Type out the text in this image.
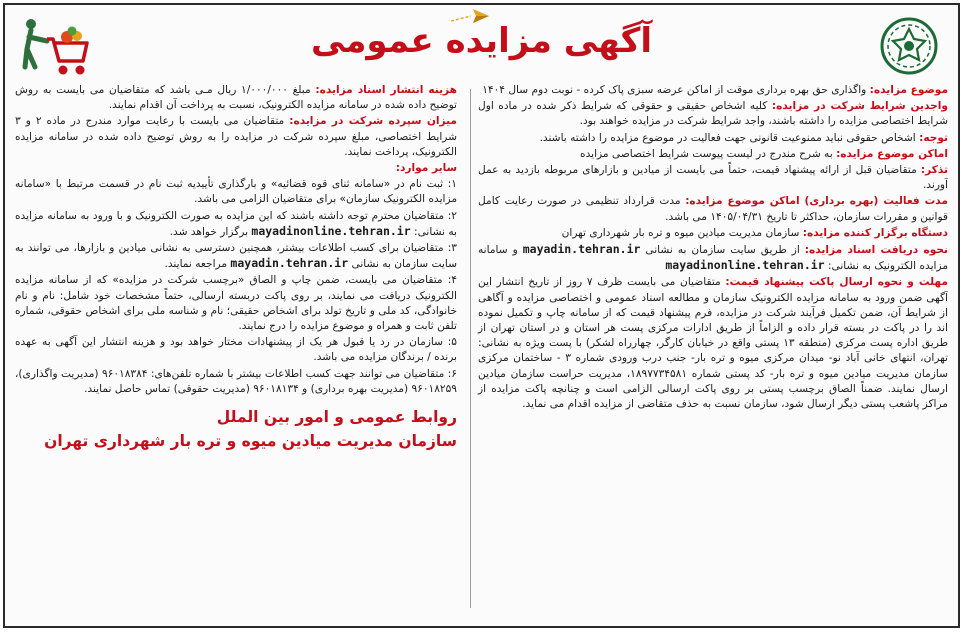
آگهی مزایده عمومی

موضوع مزایده: واگذاری حق بهره برداری موقت از اماکن عرضه سبزی پاک کرده - نوبت دوم سال ۱۴۰۴

واجدین شرایط شرکت در مزایده: کلیه اشخاص حقیقی و حقوقی که شرایط ذکر شده در ماده اول شرایط اختصاصی مزایده را داشته باشند، واجد شرایط شرکت در مزایده خواهند بود.

توجه: اشخاص حقوقی نباید ممنوعیت قانونی جهت فعالیت در موضوع مزایده را داشته باشند.

اماکن موضوع مزایده: به شرح مندرج در لیست پیوست شرایط اختصاصی مزایده

تذکر: متقاضیان قبل از ارائه پیشنهاد قیمت، حتماً می بایست از میادین و بازارهای مربوطه بازدید به عمل آورند.

مدت فعالیت (بهره برداری) اماکن موضوع مزایده: مدت قرارداد تنظیمی در صورت رعایت کامل قوانین و مقررات سازمان، حداکثر تا تاریخ ۱۴۰۵/۰۴/۳۱ می باشد.

دستگاه برگزار کننده مزایده: سازمان مدیریت میادین میوه و تره بار شهرداری تهران

نحوه دریافت اسناد مزایده: از طریق سایت سازمان به نشانی mayadin.tehran.ir و سامانه مزایده الکترونیک به نشانی: mayadinonline.tehran.ir

مهلت و نحوه ارسال پاکت پیشنهاد قیمت: متقاضیان می بایست ظرف ۷ روز از تاریخ انتشار این آگهی ضمن ورود به سامانه مزایده الکترونیک سازمان و مطالعه اسناد عمومی و اختصاصی مزایده و آگاهی از شرایط آن، ضمن تکمیل فرآیند شرکت در مزایده، فرم پیشنهاد قیمت که از سامانه چاپ و تکمیل نموده اند را در پاکت در بسته قرار داده و الزاماً از طریق ادارات مرکزی پست هر استان و در استان تهران از طریق اداره پست مرکزی (منطقه ۱۳ پستی واقع در خیابان کارگر، چهارراه لشکر) با پست ویژه به نشانی: تهران، انتهای خانی آباد نو- میدان مرکزی میوه و تره بار- جنب درب ورودی شماره ۳ - ساختمان مرکزی سازمان مدیریت میادین میوه و تره بار- کد پستی شماره ۱۸۹۷۷۳۴۵۸۱، مدیریت حراست سازمان میادین ارسال نمایند. ضمناً الصاق برچسب پستی بر روی پاکت ارسالی الزامی است و چنانچه پاکت مزایده از مراکز پاشعب پستی دیگر ارسال شود، سازمان نسبت به حذف متقاضی از مزایده اقدام می نماید.

هزینه انتشار اسناد مزایده: مبلغ ۱/۰۰۰/۰۰۰ ریال مـی باشد که متقاضیان می بایست به روش توضیح داده شده در سامانه مزایده الکترونیک، نسبت به پرداخت آن اقدام نمایند.

میزان سپرده شرکت در مزایده: متقاضیان می بایست با رعایت موارد مندرج در ماده ۲ و ۳ شرایط اختصاصی، مبلغ سپرده شرکت در مزایده را به روش توضیح داده شده در سامانه مزایده الکترونیک، پرداخت نمایند.

سایر موارد:

۱: ثبت نام در «سامانه ثنای قوه قضائیه» و بارگذاری تأییدیه ثبت نام در قسمت مرتبط با «سامانه مزایده الکترونیک سازمان» برای متقاضیان الزامی می باشد.

۲: متقاضیان محترم توجه داشته باشند که این مزایده به صورت الکترونیک و با ورود به سامانه مزایده به نشانی: mayadinonline.tehran.ir برگزار خواهد شد.

۳: متقاضیان برای کسب اطلاعات بیشتر، همچنین دسترسی به نشانی میادین و بازارها، می توانند به سایت سازمان به نشانی mayadin.tehran.ir مراجعه نمایند.

۴: متقاضیان می بایست، ضمن چاپ و الصاق «برچسب شرکت در مزایده» که از سامانه مزایده الکترونیک دریافت می نمایند، بر روی پاکت دربسته ارسالی، حتماً مشخصات خود شامل: نام و نام خانوادگی، کد ملی و تاریخ تولد برای اشخاص حقیقی؛ نام و شناسه ملی برای اشخاص حقوقی، شماره تلفن ثابت و همراه و موضوع مزایده را درج نمایند.

۵: سازمان در رد یا قبول هر یک از پیشنهادات مختار خواهد بود و هزینه انتشار این آگهی به عهده برنده / برندگان مزایده می باشد.

۶: متقاضیان می توانند جهت کسب اطلاعات بیشتر با شماره تلفن‌های: ۹۶۰۱۸۳۸۴ (مدیریت واگذاری)، ۹۶۰۱۸۲۵۹ (مدیریت بهره برداری) و ۹۶۰۱۸۱۳۴ (مدیریت حقوقی) تماس حاصل نمایند.

روابط عمومی و امور بین الملل
سازمان مدیریت میادین میوه و تره بار شهرداری تهران
